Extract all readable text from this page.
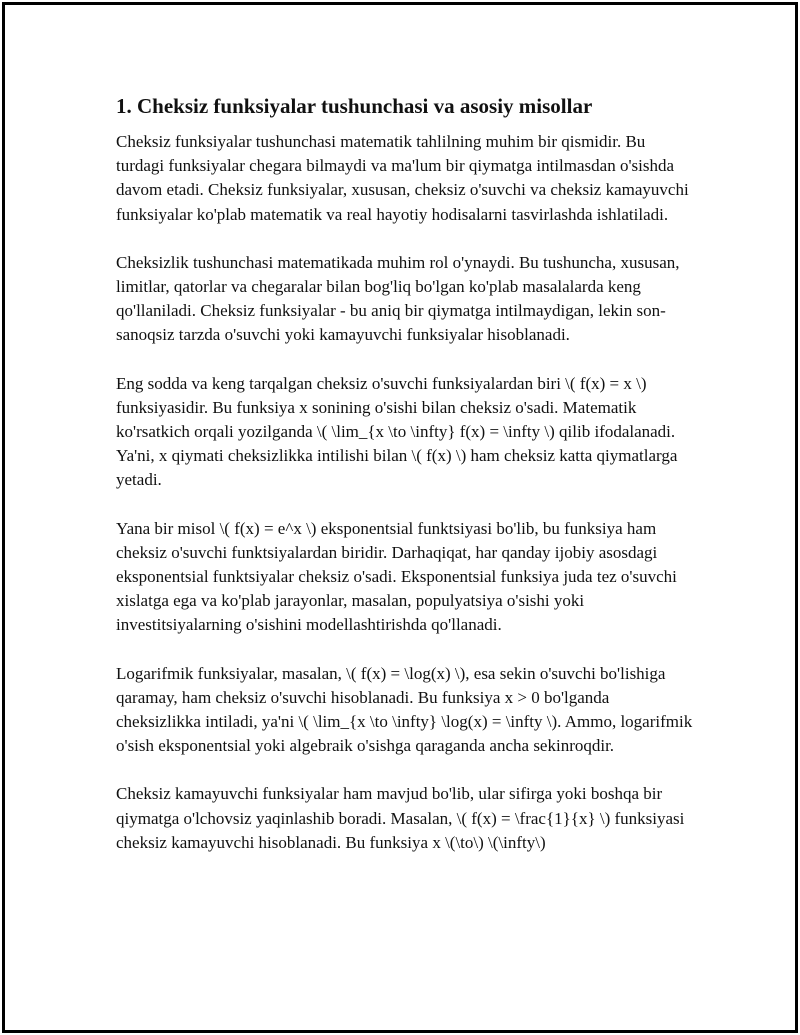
1. Cheksiz funksiyalar tushunchasi va asosiy misollar

Cheksiz funksiyalar tushunchasi matematik tahlilning muhim bir qismidir. Bu turdagi funksiyalar chegara bilmaydi va ma'lum bir qiymatga intilmasdan o'sishda davom etadi. Cheksiz funksiyalar, xususan, cheksiz o'suvchi va cheksiz kamayuvchi funksiyalar ko'plab matematik va real hayotiy hodisalarni tasvirlashda ishlatiladi.

Cheksizlik tushunchasi matematikada muhim rol o'ynaydi. Bu tushuncha, xususan, limitlar, qatorlar va chegaralar bilan bog'liq bo'lgan ko'plab masalalarda keng qo'llaniladi. Cheksiz funksiyalar - bu aniq bir qiymatga intilmaydigan, lekin son-sanoqsiz tarzda o'suvchi yoki kamayuvchi funksiyalar hisoblanadi.

Eng sodda va keng tarqalgan cheksiz o'suvchi funksiyalardan biri \( f(x) = x \) funksiyasidir. Bu funksiya x sonining o'sishi bilan cheksiz o'sadi. Matematik ko'rsatkich orqali yozilganda \( \lim_{x \to \infty} f(x) = \infty \) qilib ifodalanadi. Ya'ni, x qiymati cheksizlikka intilishi bilan \( f(x) \) ham cheksiz katta qiymatlarga yetadi.

Yana bir misol \( f(x) = e^x \) eksponentsial funktsiyasi bo'lib, bu funksiya ham cheksiz o'suvchi funktsiyalardan biridir. Darhaqiqat, har qanday ijobiy asosdagi eksponentsial funktsiyalar cheksiz o'sadi. Eksponentsial funksiya juda tez o'suvchi xislatga ega va ko'plab jarayonlar, masalan, populyatsiya o'sishi yoki investitsiyalarning o'sishini modellashtirishda qo'llanadi.

Logarifmik funksiyalar, masalan, \( f(x) = \log(x) \), esa sekin o'suvchi bo'lishiga qaramay, ham cheksiz o'suvchi hisoblanadi. Bu funksiya x > 0 bo'lganda cheksizlikka intiladi, ya'ni \( \lim_{x \to \infty} \log(x) = \infty \). Ammo, logarifmik o'sish eksponentsial yoki algebraik o'sishga qaraganda ancha sekinroqdir.

Cheksiz kamayuvchi funksiyalar ham mavjud bo'lib, ular sifirga yoki boshqa bir qiymatga o'lchovsiz yaqinlashib boradi. Masalan, \( f(x) = \frac{1}{x} \) funksiyasi cheksiz kamayuvchi hisoblanadi. Bu funksiya x \(\to\) \(\infty\)
